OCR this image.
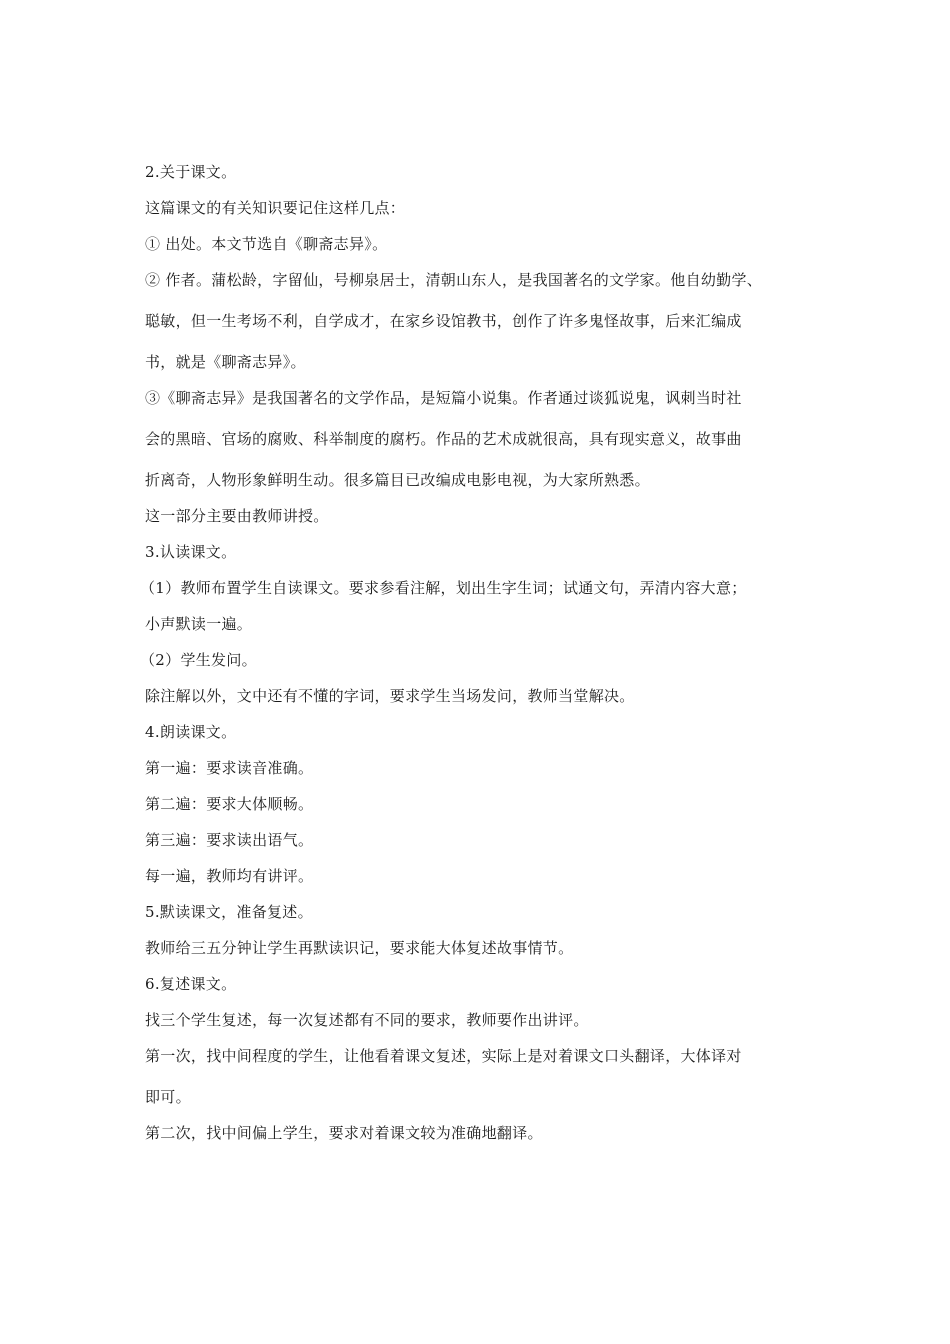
2.关于课文。
这篇课文的有关知识要记住这样几点：
① 出处。本文节选自《聊斋志异》。
② 作者。蒲松龄，字留仙，号柳泉居士，清朝山东人，是我国著名的文学家。他自幼勤学、
聪敏，但一生考场不利，自学成才，在家乡设馆教书，创作了许多鬼怪故事，后来汇编成
书，就是《聊斋志异》。
③《聊斋志异》是我国著名的文学作品，是短篇小说集。作者通过谈狐说鬼，讽刺当时社
会的黑暗、官场的腐败、科举制度的腐朽。作品的艺术成就很高，具有现实意义，故事曲
折离奇，人物形象鲜明生动。很多篇目已改编成电影电视，为大家所熟悉。
这一部分主要由教师讲授。
3.认读课文。
（1）教师布置学生自读课文。要求参看注解，划出生字生词；试通文句，弄清内容大意；
小声默读一遍。
（2）学生发问。
除注解以外，文中还有不懂的字词，要求学生当场发问，教师当堂解决。
4.朗读课文。
第一遍：要求读音准确。
第二遍：要求大体顺畅。
第三遍：要求读出语气。
每一遍，教师均有讲评。
5.默读课文，准备复述。
教师给三五分钟让学生再默读识记，要求能大体复述故事情节。
6.复述课文。
找三个学生复述，每一次复述都有不同的要求，教师要作出讲评。
第一次，找中间程度的学生，让他看着课文复述，实际上是对着课文口头翻译，大体译对
即可。
第二次，找中间偏上学生，要求对着课文较为准确地翻译。
